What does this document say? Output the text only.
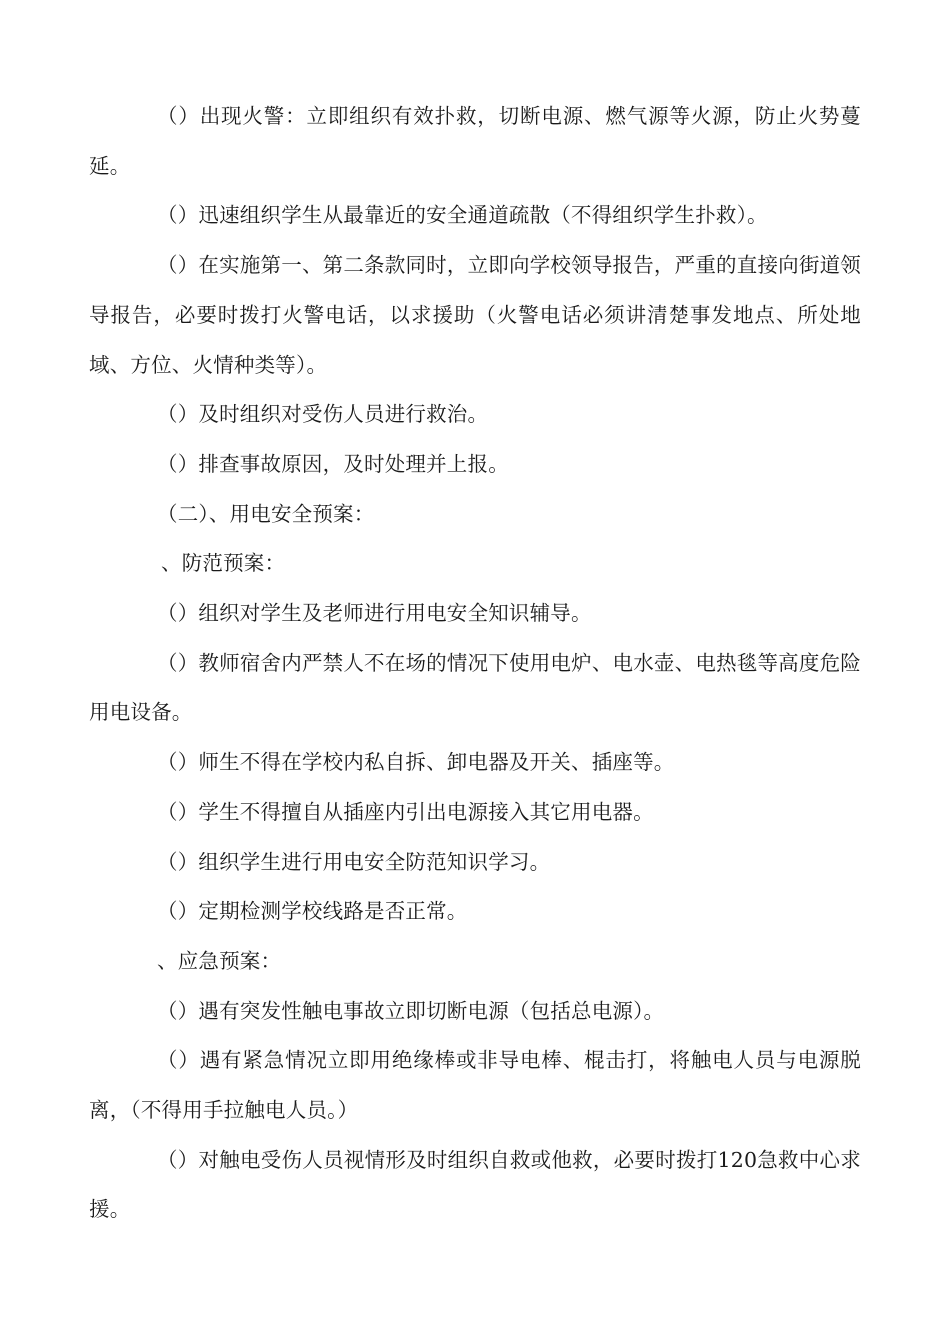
（）出现火警：立即组织有效扑救，切断电源、燃气源等火源，防止火势蔓延。

（）迅速组织学生从最靠近的安全通道疏散（不得组织学生扑救）。

（）在实施第一、第二条款同时，立即向学校领导报告，严重的直接向街道领导报告，必要时拨打火警电话，以求援助（火警电话必须讲清楚事发地点、所处地域、方位、火情种类等）。

（）及时组织对受伤人员进行救治。

（）排查事故原因，及时处理并上报。

（二）、用电安全预案：

、防范预案：

（）组织对学生及老师进行用电安全知识辅导。

（）教师宿舍内严禁人不在场的情况下使用电炉、电水壶、电热毯等高度危险用电设备。

（）师生不得在学校内私自拆、卸电器及开关、插座等。

（）学生不得擅自从插座内引出电源接入其它用电器。

（）组织学生进行用电安全防范知识学习。

（）定期检测学校线路是否正常。

、应急预案：

（）遇有突发性触电事故立即切断电源（包括总电源）。

（）遇有紧急情况立即用绝缘棒或非导电棒、棍击打，将触电人员与电源脱离，（不得用手拉触电人员。）

（）对触电受伤人员视情形及时组织自救或他救，必要时拨打120急救中心求援。
